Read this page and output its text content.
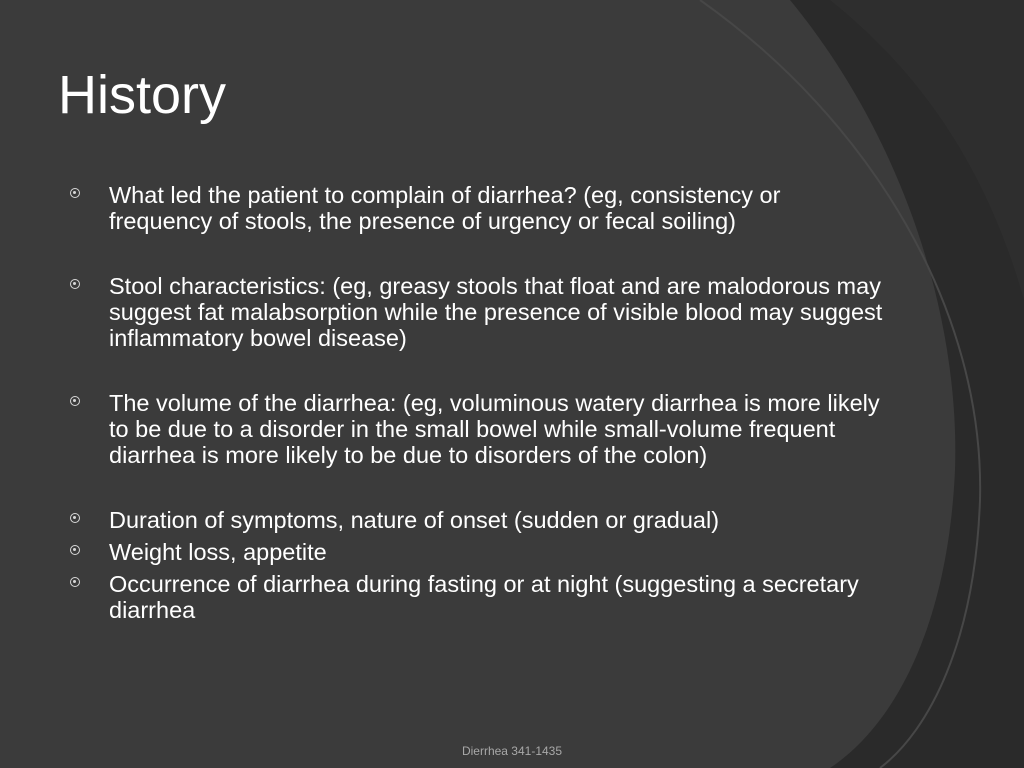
History
What led the patient to complain of diarrhea? (eg, consistency or frequency of stools, the presence of urgency or fecal soiling)
Stool characteristics: (eg, greasy stools that float and are malodorous may suggest fat malabsorption while the presence of visible blood may suggest inflammatory bowel disease)
The volume of the diarrhea: (eg, voluminous watery diarrhea is more likely to be due to a disorder in the small bowel while small-volume frequent diarrhea is more likely to be due to disorders of the colon)
Duration of symptoms, nature of onset (sudden or gradual)
Weight loss, appetite
Occurrence of diarrhea during fasting or at night (suggesting a secretary diarrhea
Dierrhea 341-1435
